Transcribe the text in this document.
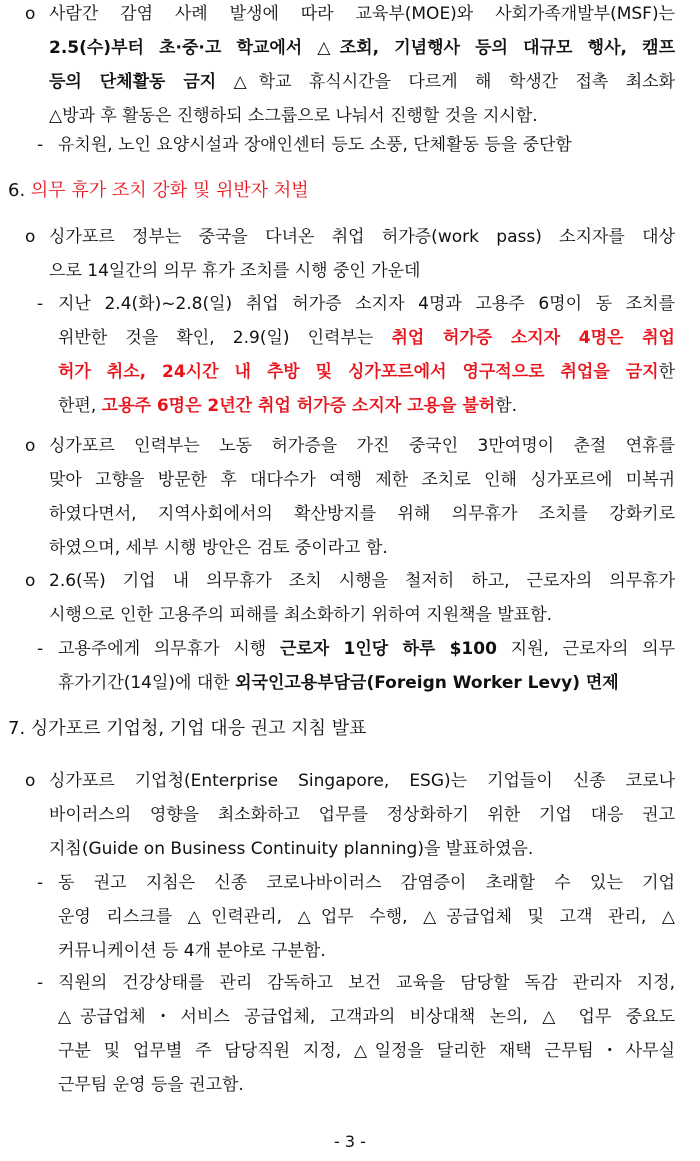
o 사람간 감염 사례 발생에 따라 교육부(MOE)와 사회가족개발부(MSF)는
2.5(수)부터 초·중·고 학교에서 △조회, 기념행사 등의 대규모 행사, 캠프
등의 단체활동 금지 △학교 휴식시간을 다르게 해 학생간 접촉 최소화
△방과 후 활동은 진행하되 소그룹으로 나눠서 진행할 것을 지시함.
- 유치원, 노인 요양시설과 장애인센터 등도 소풍, 단체활동 등을 중단함
6. 의무 휴가 조치 강화 및 위반자 처벌
o 싱가포르 정부는 중국을 다녀온 취업 허가증(work pass) 소지자를 대상
으로 14일간의 의무 휴가 조치를 시행 중인 가운데
- 지난 2.4(화)~2.8(일) 취업 허가증 소지자 4명과 고용주 6명이 동 조치를
위반한 것을 확인, 2.9(일) 인력부는 취업 허가증 소지자 4명은 취업
허가 취소, 24시간 내 추방 및 싱가포르에서 영구적으로 취업을 금지한
한편, 고용주 6명은 2년간 취업 허가증 소지자 고용을 불허함.
o 싱가포르 인력부는 노동 허가증을 가진 중국인 3만여명이 춘절 연휴를
맞아 고향을 방문한 후 대다수가 여행 제한 조치로 인해 싱가포르에 미복귀
하였다면서, 지역사회에서의 확산방지를 위해 의무휴가 조치를 강화키로
하였으며, 세부 시행 방안은 검토 중이라고 함.
o 2.6(목) 기업 내 의무휴가 조치 시행을 철저히 하고, 근로자의 의무휴가
시행으로 인한 고용주의 피해를 최소화하기 위하여 지원책을 발표함.
- 고용주에게 의무휴가 시행 근로자 1인당 하루 $100 지원, 근로자의 의무
휴가기간(14일)에 대한 외국인고용부담금(Foreign Worker Levy) 면제
7. 싱가포르 기업청, 기업 대응 권고 지침 발표
o 싱가포르 기업청(Enterprise Singapore, ESG)는 기업들이 신종 코로나
바이러스의 영향을 최소화하고 업무를 정상화하기 위한 기업 대응 권고
지침(Guide on Business Continuity planning)을 발표하였음.
- 동 권고 지침은 신종 코로나바이러스 감염증이 초래할 수 있는 기업
운영 리스크를 △인력관리, △업무 수행, △공급업체 및 고객 관리, △
커뮤니케이션 등 4개 분야로 구분함.
- 직원의 건강상태를 관리 감독하고 보건 교육을 담당할 독감 관리자 지정,
△공급업체・서비스 공급업체, 고객과의 비상대책 논의, △ 업무 중요도
구분 및 업무별 주 담당직원 지정, △일정을 달리한 재택 근무팀・사무실
근무팀 운영 등을 권고함.
- 3 -
